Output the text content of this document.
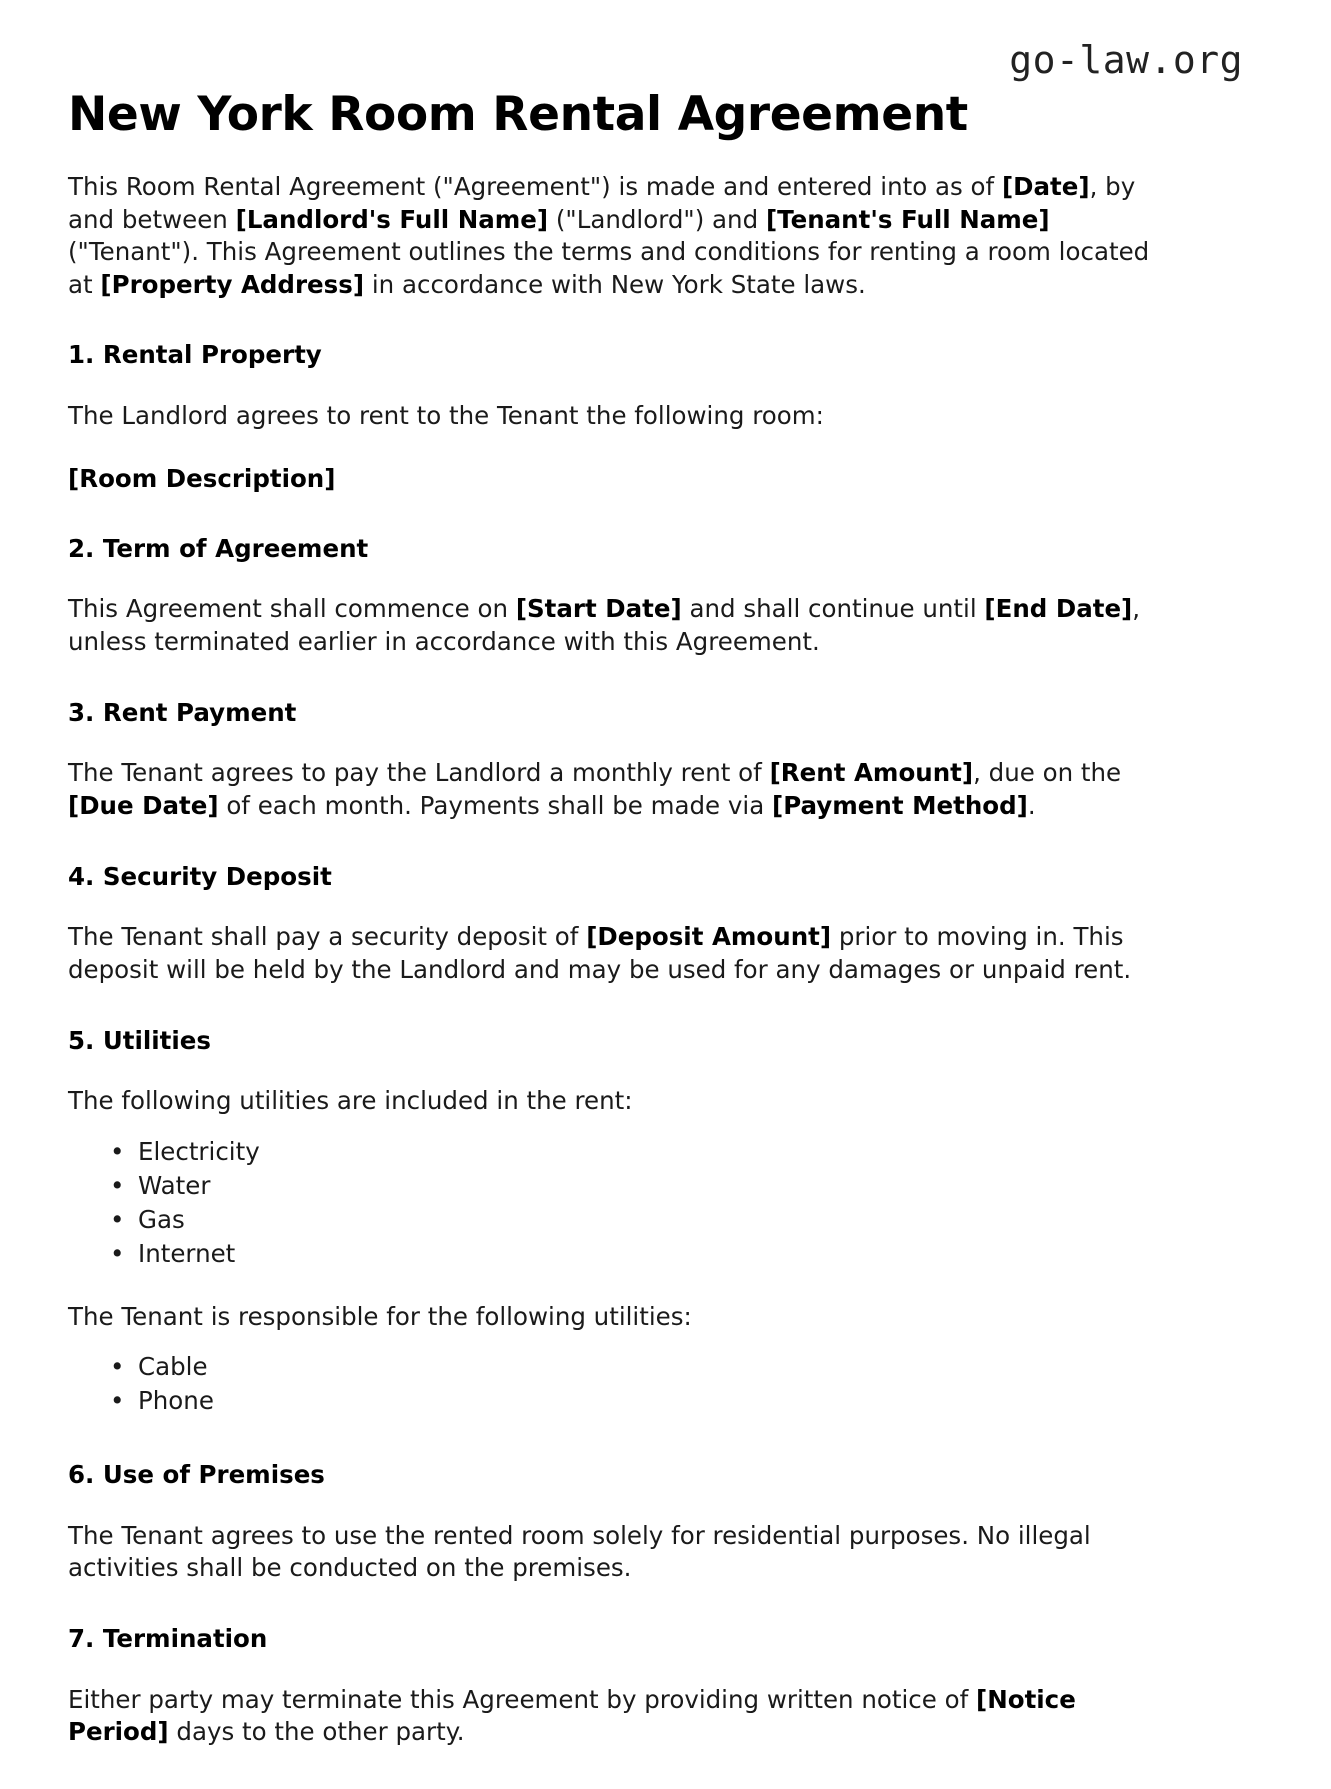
go-law.org
New York Room Rental Agreement

This Room Rental Agreement ("Agreement") is made and entered into as of [Date], by and between [Landlord's Full Name] ("Landlord") and [Tenant's Full Name] ("Tenant"). This Agreement outlines the terms and conditions for renting a room located at [Property Address] in accordance with New York State laws.

1. Rental Property

The Landlord agrees to rent to the Tenant the following room:

[Room Description]

2. Term of Agreement

This Agreement shall commence on [Start Date] and shall continue until [End Date], unless terminated earlier in accordance with this Agreement.

3. Rent Payment

The Tenant agrees to pay the Landlord a monthly rent of [Rent Amount], due on the [Due Date] of each month. Payments shall be made via [Payment Method].

4. Security Deposit

The Tenant shall pay a security deposit of [Deposit Amount] prior to moving in. This deposit will be held by the Landlord and may be used for any damages or unpaid rent.

5. Utilities

The following utilities are included in the rent:

• Electricity
• Water
• Gas
• Internet

The Tenant is responsible for the following utilities:

• Cable
• Phone
6. Use of Premises

The Tenant agrees to use the rented room solely for residential purposes. No illegal activities shall be conducted on the premises.

7. Termination

Either party may terminate this Agreement by providing written notice of [Notice Period] days to the other party.
